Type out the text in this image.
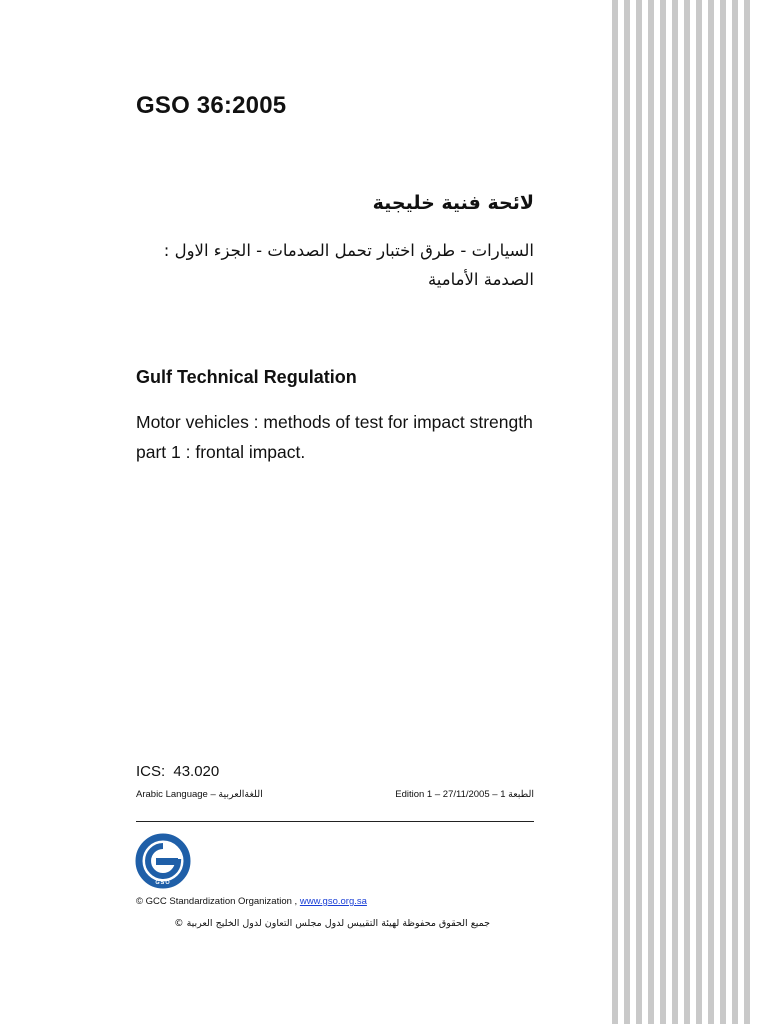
GSO 36:2005
لائحة فنية خليجية
السيارات - طرق اختبار تحمل الصدمات - الجزء الاول : الصدمة الأمامية
Gulf Technical Regulation
Motor vehicles : methods of test for impact strength part 1 : frontal impact.
ICS: 43.020
Arabic Language – اللغةالعربية	Edition 1 – 27/11/2005 – الطبعة 1
GSO
© GCC Standardization Organization , www.gso.org.sa
جميع الحقوق محفوظة لهيئة التقييس لدول مجلس التعاون لدول الخليج العربية ©
